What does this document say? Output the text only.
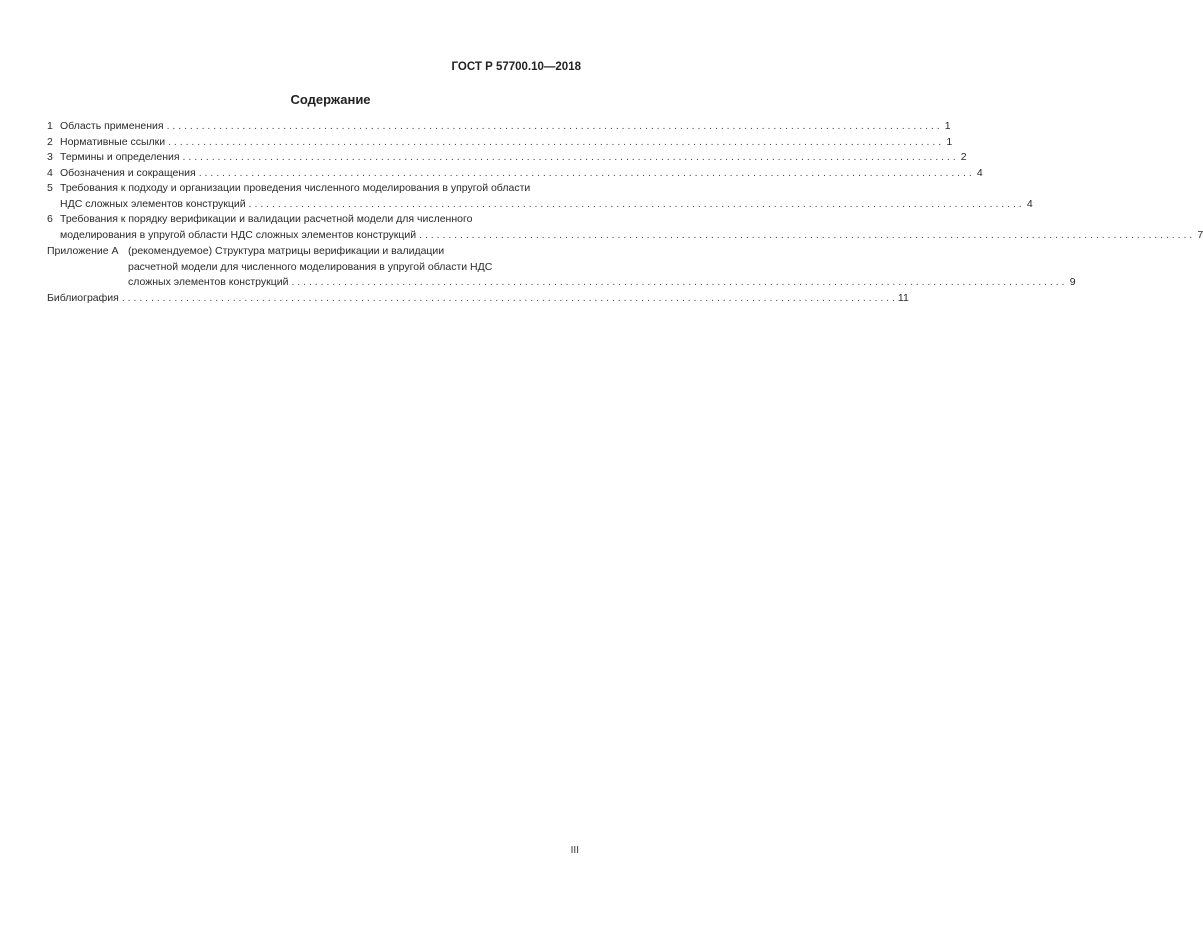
ГОСТ Р 57700.10—2018
Содержание
1 Область применения . . .	1
2 Нормативные ссылки . . .	1
3 Термины и определения . . .	2
4 Обозначения и сокращения . . .	4
5 Требования к подходу и организации проведения численного моделирования в упругой области
НДС сложных элементов конструкций . . .	4
6 Требования к порядку верификации и валидации расчетной модели для численного
моделирования в упругой области НДС сложных элементов конструкций . . .	7
Приложение А (рекомендуемое) Структура матрицы верификации и валидации
расчетной модели для численного моделирования в упругой области НДС
сложных элементов конструкций . . .	9
Библиография . . .	11
III
